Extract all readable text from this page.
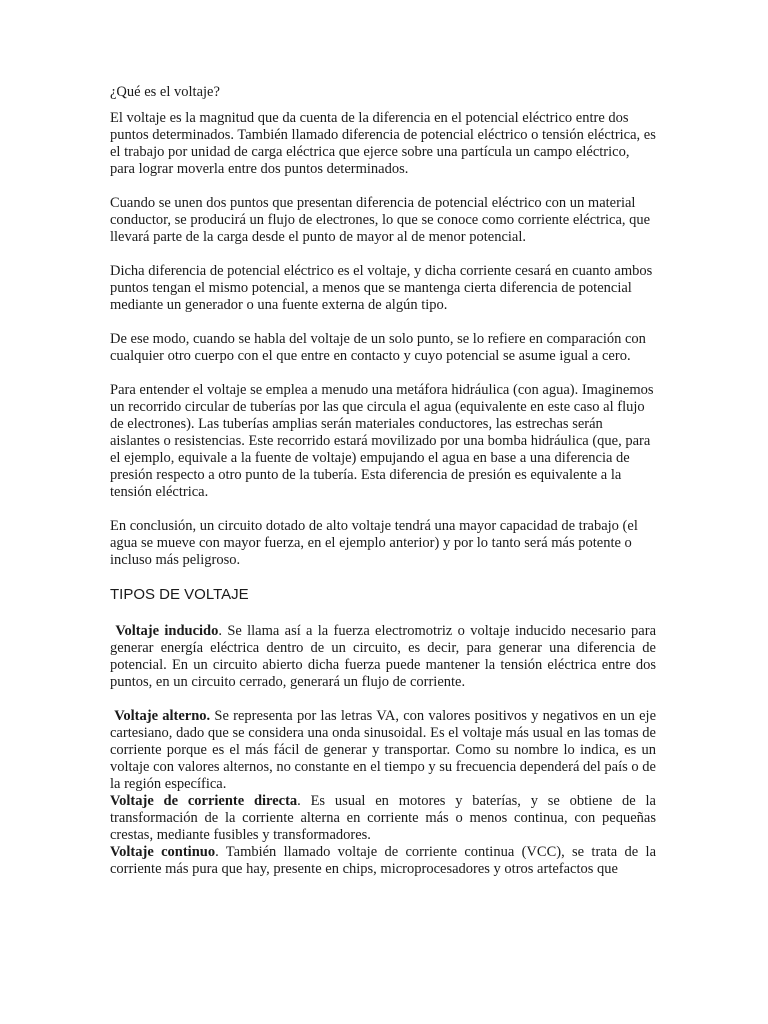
¿Qué es el voltaje?

El voltaje es la magnitud que da cuenta de la diferencia en el potencial eléctrico entre dos puntos determinados. También llamado diferencia de potencial eléctrico o tensión eléctrica, es el trabajo por unidad de carga eléctrica que ejerce sobre una partícula un campo eléctrico, para lograr moverla entre dos puntos determinados.

Cuando se unen dos puntos que presentan diferencia de potencial eléctrico con un material conductor, se producirá un flujo de electrones, lo que se conoce como corriente eléctrica, que llevará parte de la carga desde el punto de mayor al de menor potencial.

Dicha diferencia de potencial eléctrico es el voltaje, y dicha corriente cesará en cuanto ambos puntos tengan el mismo potencial, a menos que se mantenga cierta diferencia de potencial mediante un generador o una fuente externa de algún tipo.

De ese modo, cuando se habla del voltaje de un solo punto, se lo refiere en comparación con cualquier otro cuerpo con el que entre en contacto y cuyo potencial se asume igual a cero.

Para entender el voltaje se emplea a menudo una metáfora hidráulica (con agua). Imaginemos un recorrido circular de tuberías por las que circula el agua (equivalente en este caso al flujo de electrones). Las tuberías amplias serán materiales conductores, las estrechas serán aislantes o resistencias. Este recorrido estará movilizado por una bomba hidráulica (que, para el ejemplo, equivale a la fuente de voltaje) empujando el agua en base a una diferencia de presión respecto a otro punto de la tubería. Esta diferencia de presión es equivalente a la tensión eléctrica.

En conclusión, un circuito dotado de alto voltaje tendrá una mayor capacidad de trabajo (el agua se mueve con mayor fuerza, en el ejemplo anterior) y por lo tanto será más potente o incluso más peligroso.

TIPOS DE VOLTAJE

Voltaje inducido. Se llama así a la fuerza electromotriz o voltaje inducido necesario para generar energía eléctrica dentro de un circuito, es decir, para generar una diferencia de potencial. En un circuito abierto dicha fuerza puede mantener la tensión eléctrica entre dos puntos, en un circuito cerrado, generará un flujo de corriente.

Voltaje alterno. Se representa por las letras VA, con valores positivos y negativos en un eje cartesiano, dado que se considera una onda sinusoidal. Es el voltaje más usual en las tomas de corriente porque es el más fácil de generar y transportar. Como su nombre lo indica, es un voltaje con valores alternos, no constante en el tiempo y su frecuencia dependerá del país o de la región específica.

Voltaje de corriente directa. Es usual en motores y baterías, y se obtiene de la transformación de la corriente alterna en corriente más o menos continua, con pequeñas crestas, mediante fusibles y transformadores.

Voltaje continuo. También llamado voltaje de corriente continua (VCC), se trata de la corriente más pura que hay, presente en chips, microprocesadores y otros artefactos que
